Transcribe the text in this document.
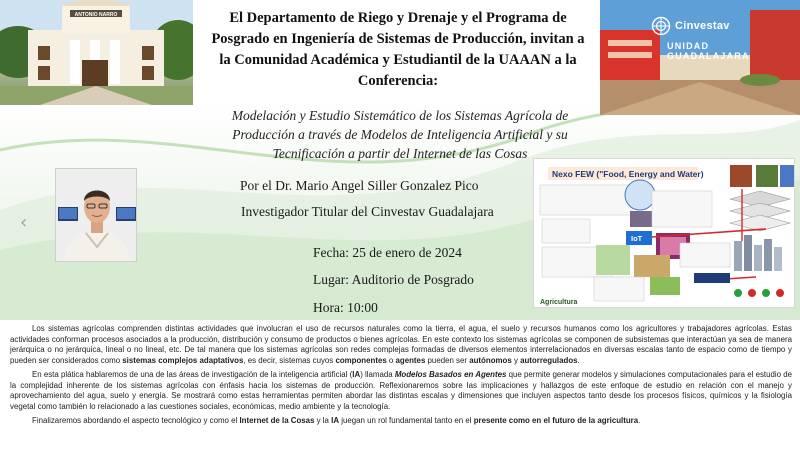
ANTONIO NARRO
Cinvestav
UNIDAD
GUADALAJARA
El Departamento de Riego y Drenaje y el Programa de
Posgrado en Ingeniería de Sistemas de Producción, invitan a
la Comunidad Académica y Estudiantil de la UAAAN a la
Conferencia:
Modelación y Estudio Sistemático de los Sistemas Agrícola de
Producción a través de Modelos de Inteligencia Artificial y su
Tecnificación a partir del Internet de las Cosas
Por el Dr. Mario Angel Siller Gonzalez Pico
Investigador Titular del Cinvestav Guadalajara
Fecha: 25 de enero de 2024
Lugar: Auditorio de Posgrado
Hora: 10:00
‹
Nexo FEW ("Food, Energy and Water)
IoT
Agricultura

Los sistemas agrícolas comprenden distintas actividades que involucran el uso de recursos naturales como la tierra, el agua, el suelo y recursos humanos como los agricultores y trabajadores agrícolas. Estas actividades conforman procesos asociados a la producción, distribución y consumo de productos o bienes agrícolas. En este contexto los sistemas agrícolas se componen de subsistemas que interactúan ya sea de manera jerárquica o no jerárquica, lineal o no lineal, etc. De tal manera que los sistemas agrícolas son redes complejas formadas de diversos elementos interrelacionados en diversas escalas tanto de espacio como de tiempo y pueden ser considerados como sistemas complejos adaptativos, es decir, sistemas cuyos componentes o agentes pueden ser autónomos y autorregulados.

En esta plática hablaremos de una de las áreas de investigación de la inteligencia artificial (IA) llamada Modelos Basados en Agentes que permite generar modelos y simulaciones computacionales para el estudio de la complejidad inherente de los sistemas agrícolas con énfasis hacia los sistemas de producción. Reflexionaremos sobre las implicaciones y hallazgos de este enfoque de estudio en relación con el manejo y aprovechamiento del agua, suelo y energía. Se mostrará como estas herramientas permiten abordar las distintas escalas y dimensiones que incluyen aspectos tanto desde los procesos físicos, químicos y la fisiología vegetal como también lo relacionado a las cuestiones sociales, económicas, medio ambiente y la tecnología.

Finalizaremos abordando el aspecto tecnológico y como el Internet de la Cosas y la IA juegan un rol fundamental tanto en el presente como en el futuro de la agricultura.
